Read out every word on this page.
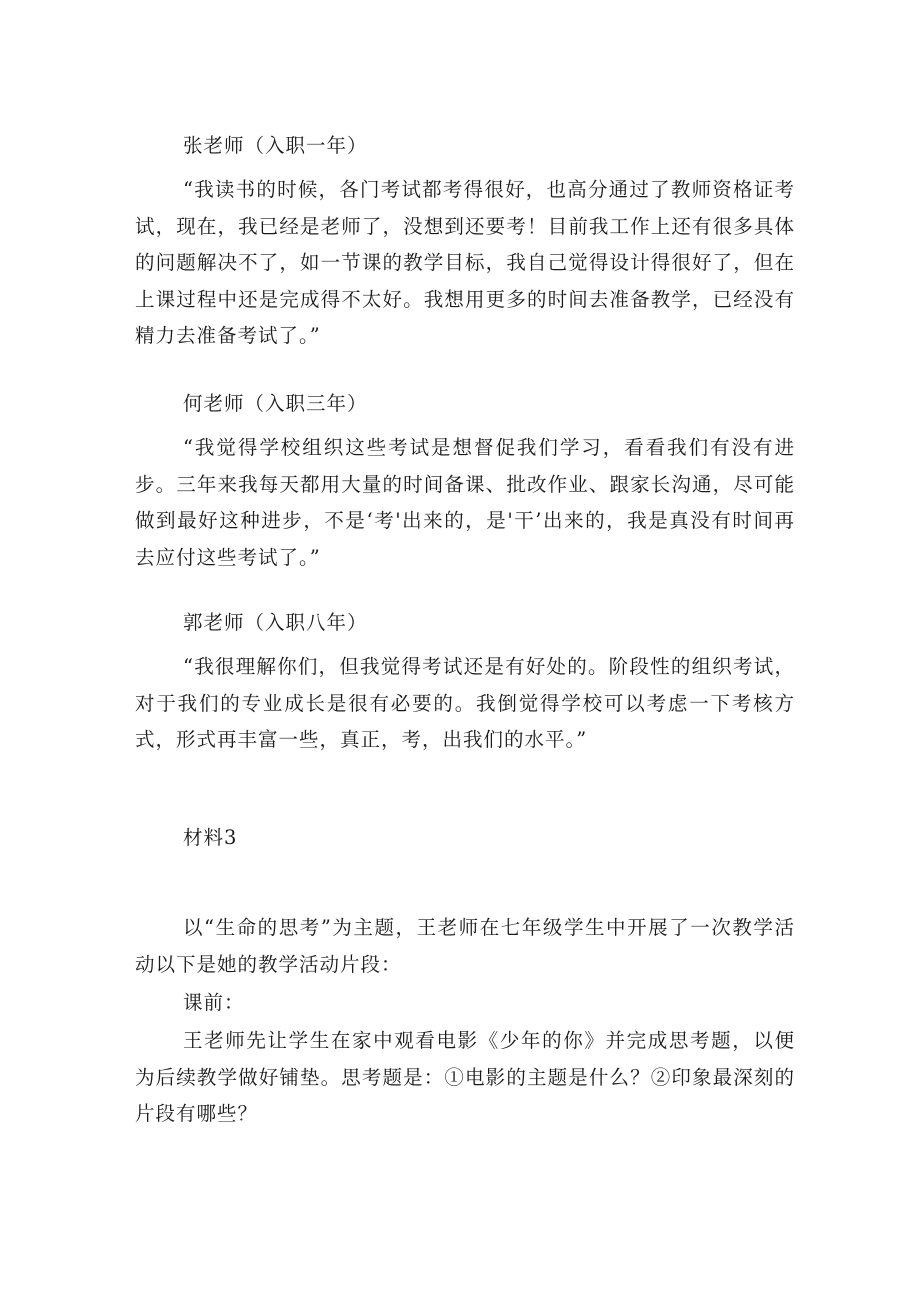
张老师（入职一年）

“我读书的时候，各门考试都考得很好，也高分通过了教师资格证考试，现在，我已经是老师了，没想到还要考！目前我工作上还有很多具体的问题解决不了，如一节课的教学目标，我自己觉得设计得很好了，但在上课过程中还是完成得不太好。我想用更多的时间去准备教学，已经没有精力去准备考试了。”

何老师（入职三年）

“我觉得学校组织这些考试是想督促我们学习，看看我们有没有进步。三年来我每天都用大量的时间备课、批改作业、跟家长沟通，尽可能做到最好这种进步，不是‘考'出来的，是'干’出来的，我是真没有时间再去应付这些考试了。”

郭老师（入职八年）

“我很理解你们，但我觉得考试还是有好处的。阶段性的组织考试，对于我们的专业成长是很有必要的。我倒觉得学校可以考虑一下考核方式，形式再丰富一些，真正，考，出我们的水平。”

材料3

以“生命的思考”为主题，王老师在七年级学生中开展了一次教学活动以下是她的教学活动片段：

课前：

王老师先让学生在家中观看电影《少年的你》并完成思考题，以便为后续教学做好铺垫。思考题是：①电影的主题是什么？②印象最深刻的片段有哪些？
